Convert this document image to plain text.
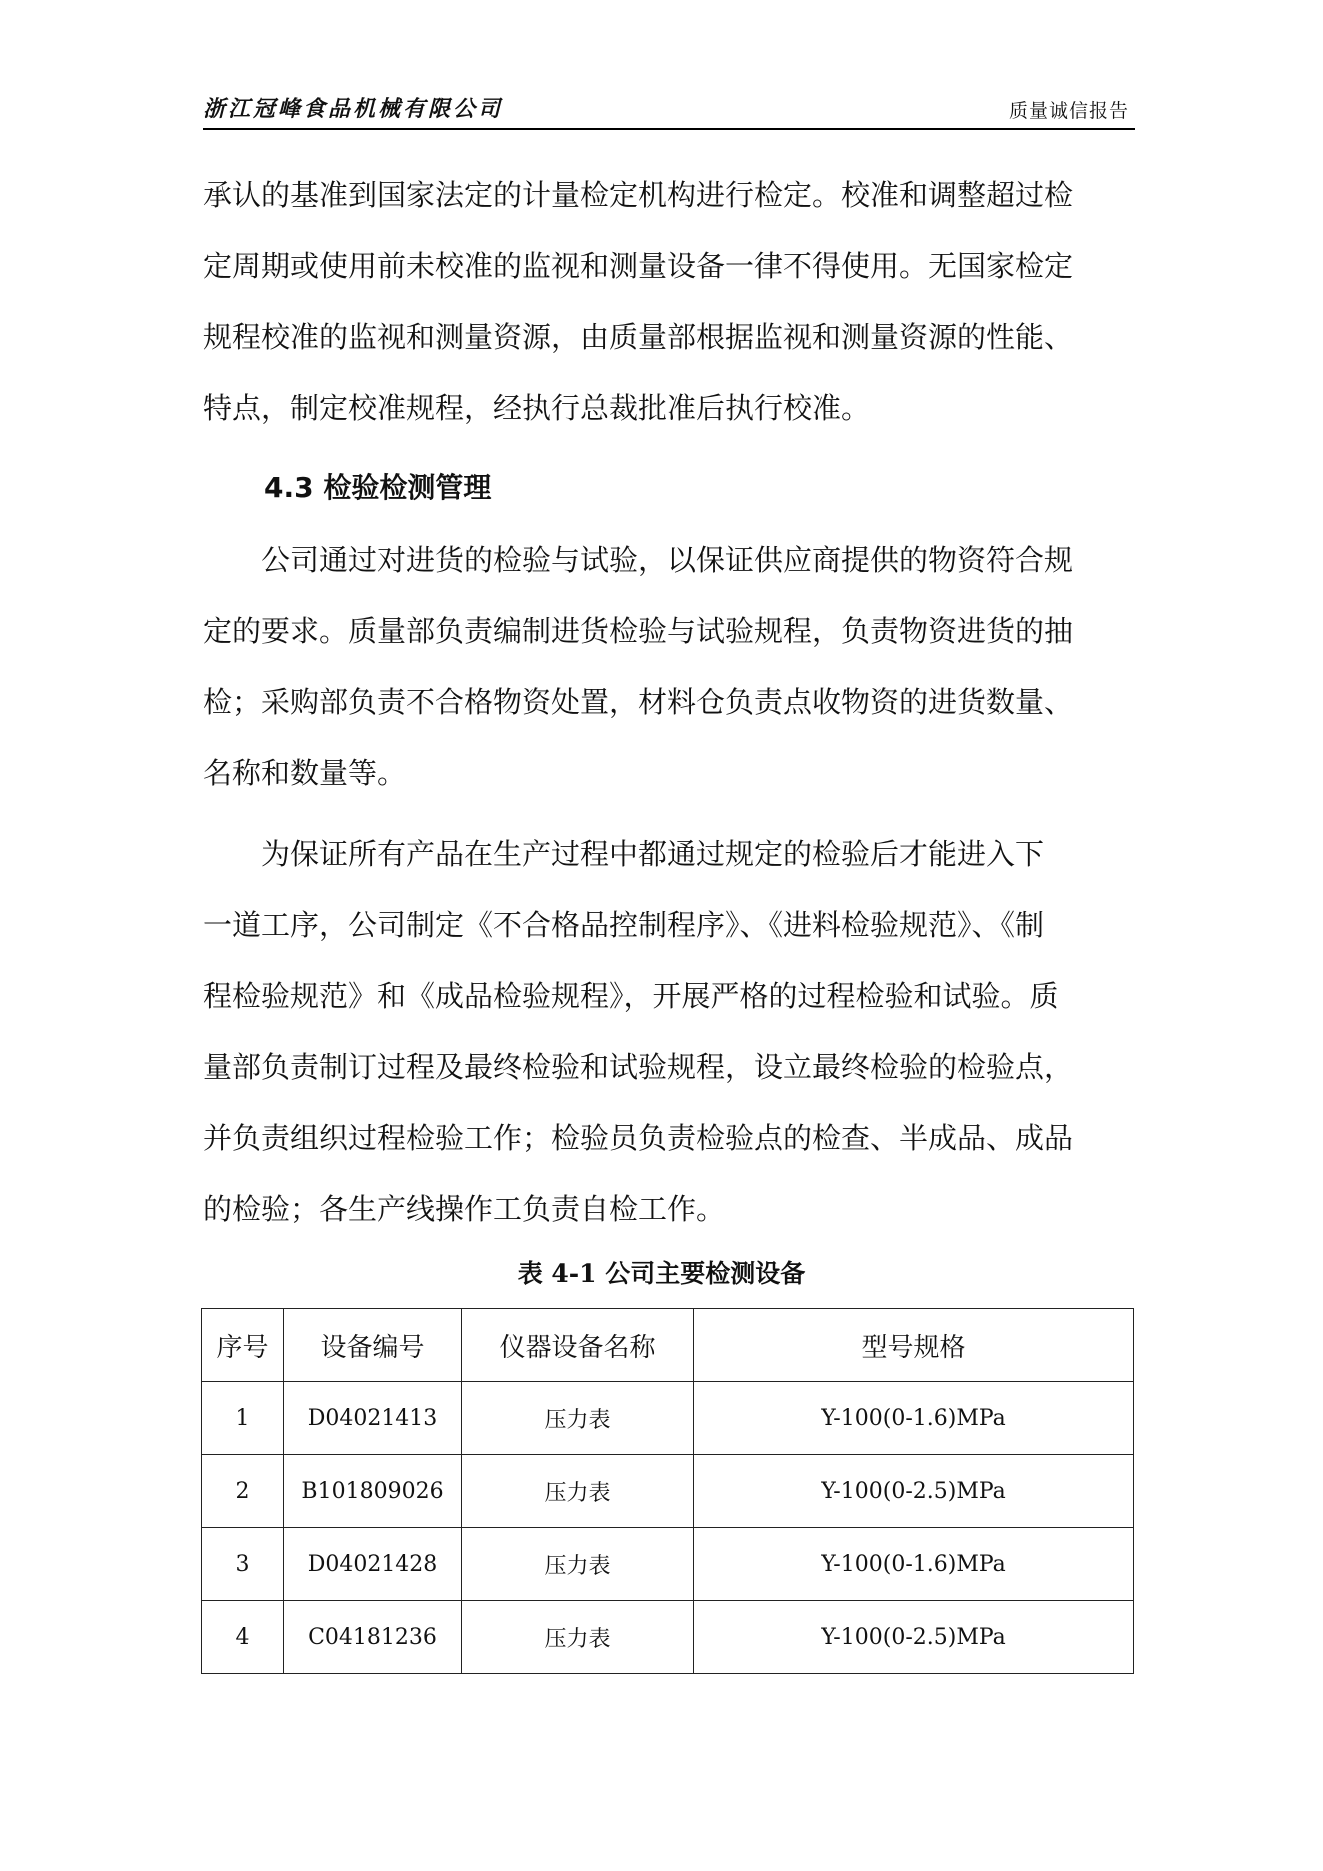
浙江冠峰食品机械有限公司	质量诚信报告

承认的基准到国家法定的计量检定机构进行检定。校准和调整超过检
定周期或使用前未校准的监视和测量设备一律不得使用。无国家检定
规程校准的监视和测量资源，由质量部根据监视和测量资源的性能、
特点，制定校准规程，经执行总裁批准后执行校准。

4.3 检验检测管理

公司通过对进货的检验与试验，以保证供应商提供的物资符合规
定的要求。质量部负责编制进货检验与试验规程，负责物资进货的抽
检；采购部负责不合格物资处置，材料仓负责点收物资的进货数量、
名称和数量等。

为保证所有产品在生产过程中都通过规定的检验后才能进入下
一道工序，公司制定《不合格品控制程序》、《进料检验规范》、《制
程检验规范》和《成品检验规程》，开展严格的过程检验和试验。质
量部负责制订过程及最终检验和试验规程，设立最终检验的检验点，
并负责组织过程检验工作；检验员负责检验点的检查、半成品、成品
的检验；各生产线操作工负责自检工作。

表 4-1 公司主要检测设备
序号	设备编号	仪器设备名称	型号规格
1	D04021413	压力表	Y-100(0-1.6)MPa
2	B101809026	压力表	Y-100(0-2.5)MPa
3	D04021428	压力表	Y-100(0-1.6)MPa
4	C04181236	压力表	Y-100(0-2.5)MPa
